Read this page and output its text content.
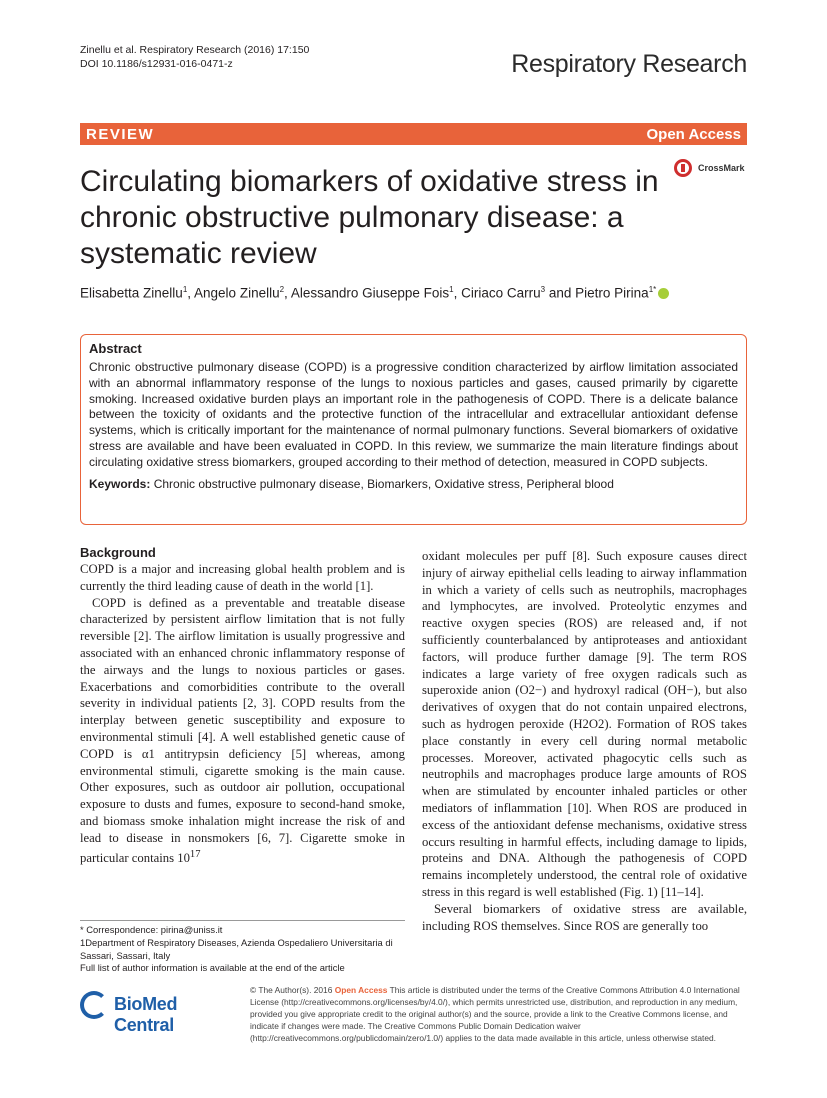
Zinellu et al. Respiratory Research (2016) 17:150
DOI 10.1186/s12931-016-0471-z	Respiratory Research
REVIEW	Open Access
Circulating biomarkers of oxidative stress in chronic obstructive pulmonary disease: a systematic review
CrossMark
Elisabetta Zinellu$^1$, Angelo Zinellu$^2$, Alessandro Giuseppe Fois$^1$, Ciriaco Carru$^3$ and Pietro Pirina$^{1*}$
Abstract
Chronic obstructive pulmonary disease (COPD) is a progressive condition characterized by airflow limitation associated with an abnormal inflammatory response of the lungs to noxious particles and gases, caused primarily by cigarette smoking. Increased oxidative burden plays an important role in the pathogenesis of COPD. There is a delicate balance between the toxicity of oxidants and the protective function of the intracellular and extracellular antioxidant defense systems, which is critically important for the maintenance of normal pulmonary functions. Several biomarkers of oxidative stress are available and have been evaluated in COPD. In this review, we summarize the main literature findings about circulating oxidative stress biomarkers, grouped according to their method of detection, measured in COPD subjects.
Keywords: Chronic obstructive pulmonary disease, Biomarkers, Oxidative stress, Peripheral blood
Background

COPD is a major and increasing global health problem and is currently the third leading cause of death in the world [1].

COPD is defined as a preventable and treatable disease characterized by persistent airflow limitation that is not fully reversible [2]. The airflow limitation is usually progressive and associated with an enhanced chronic inflammatory response of the airways and the lungs to noxious particles or gases. Exacerbations and comorbidities contribute to the overall severity in individual patients [2, 3]. COPD results from the interplay between genetic susceptibility and exposure to environmental stimuli [4]. A well established genetic cause of COPD is α1 antitrypsin deficiency [5] whereas, among environmental stimuli, cigarette smoking is the main cause. Other exposures, such as outdoor air pollution, occupational exposure to dusts and fumes, exposure to second-hand smoke, and biomass smoke inhalation might increase the risk of and lead to disease in nonsmokers [6, 7]. Cigarette smoke in particular contains $10^{17}$

oxidant molecules per puff [8]. Such exposure causes direct injury of airway epithelial cells leading to airway inflammation in which a variety of cells such as neutrophils, macrophages and lymphocytes, are involved. Proteolytic enzymes and reactive oxygen species (ROS) are released and, if not sufficiently counterbalanced by antiproteases and antioxidant factors, will produce further damage [9]. The term ROS indicates a large variety of free oxygen radicals such as superoxide anion (O2−) and hydroxyl radical (OH−), but also derivatives of oxygen that do not contain unpaired electrons, such as hydrogen peroxide (H2O2). Formation of ROS takes place constantly in every cell during normal metabolic processes. Moreover, activated phagocytic cells such as neutrophils and macrophages produce large amounts of ROS when are stimulated by encounter inhaled particles or other mediators of inflammation [10]. When ROS are produced in excess of the antioxidant defense mechanisms, oxidative stress occurs resulting in harmful effects, including damage to lipids, proteins and DNA. Although the pathogenesis of COPD remains incompletely understood, the central role of oxidative stress in this regard is well established (Fig. 1) [11–14].

Several biomarkers of oxidative stress are available, including ROS themselves. Since ROS are generally too

* Correspondence: pirina@uniss.it
1Department of Respiratory Diseases, Azienda Ospedaliero Universitaria di Sassari, Sassari, Italy
Full list of author information is available at the end of the article
BioMed Central
© The Author(s). 2016 Open Access This article is distributed under the terms of the Creative Commons Attribution 4.0 International License (http://creativecommons.org/licenses/by/4.0/), which permits unrestricted use, distribution, and reproduction in any medium, provided you give appropriate credit to the original author(s) and the source, provide a link to the Creative Commons license, and indicate if changes were made. The Creative Commons Public Domain Dedication waiver (http://creativecommons.org/publicdomain/zero/1.0/) applies to the data made available in this article, unless otherwise stated.
